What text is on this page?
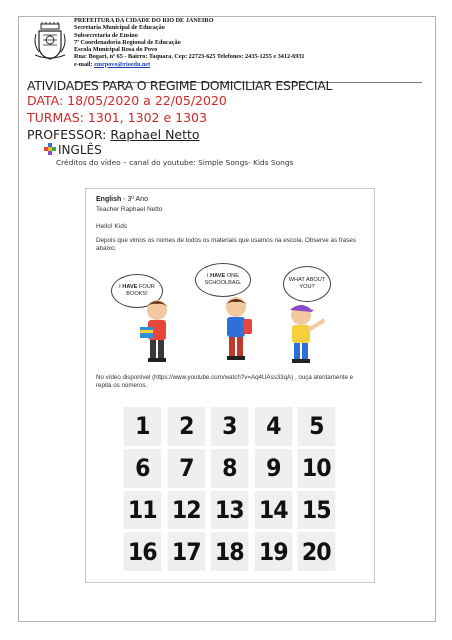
PREFEITURA DA CIDADE DO RIO DE JANEIRO
Secretaria Municipal de Educação
Subsecretaria de Ensino
7ª Coordenadoria Regional de Educação
Escola Municipal Rosa do Povo
Rua: Bogari, nº 65 - Bairro: Taquara, Cep: 22723-625 Telefones: 2435-1255 e 3412-6931
e-mail: emrpovo@rioedu.net
ATIVIDADES PARA O REGIME DOMICILIAR ESPECIAL
DATA: 18/05/2020 a 22/05/2020
TURMAS: 1301, 1302 e 1303
PROFESSOR: Raphael Netto
INGLÊS
Créditos do vídeo – canal do youtube: Simple Songs- Kids Songs
English - 3º Ano
Teacher Raphael Netto
Hello! Kids
Depois que vimos os nomes de todos os materiais que usamos na escola. Observe as frases abaixo:
I HAVE FOUR BOOKS!
I HAVE ONE SCHOOLBAG.	WHAT ABOUT YOU?
No vídeo disponível (https://www.youtube.com/watch?v=Aq4UAss33qA) , ouça atentamente e repita os números.
1	2	3	4	5
6	7	8	9 10
11 12 13 14 15
16 17 18 19 20
